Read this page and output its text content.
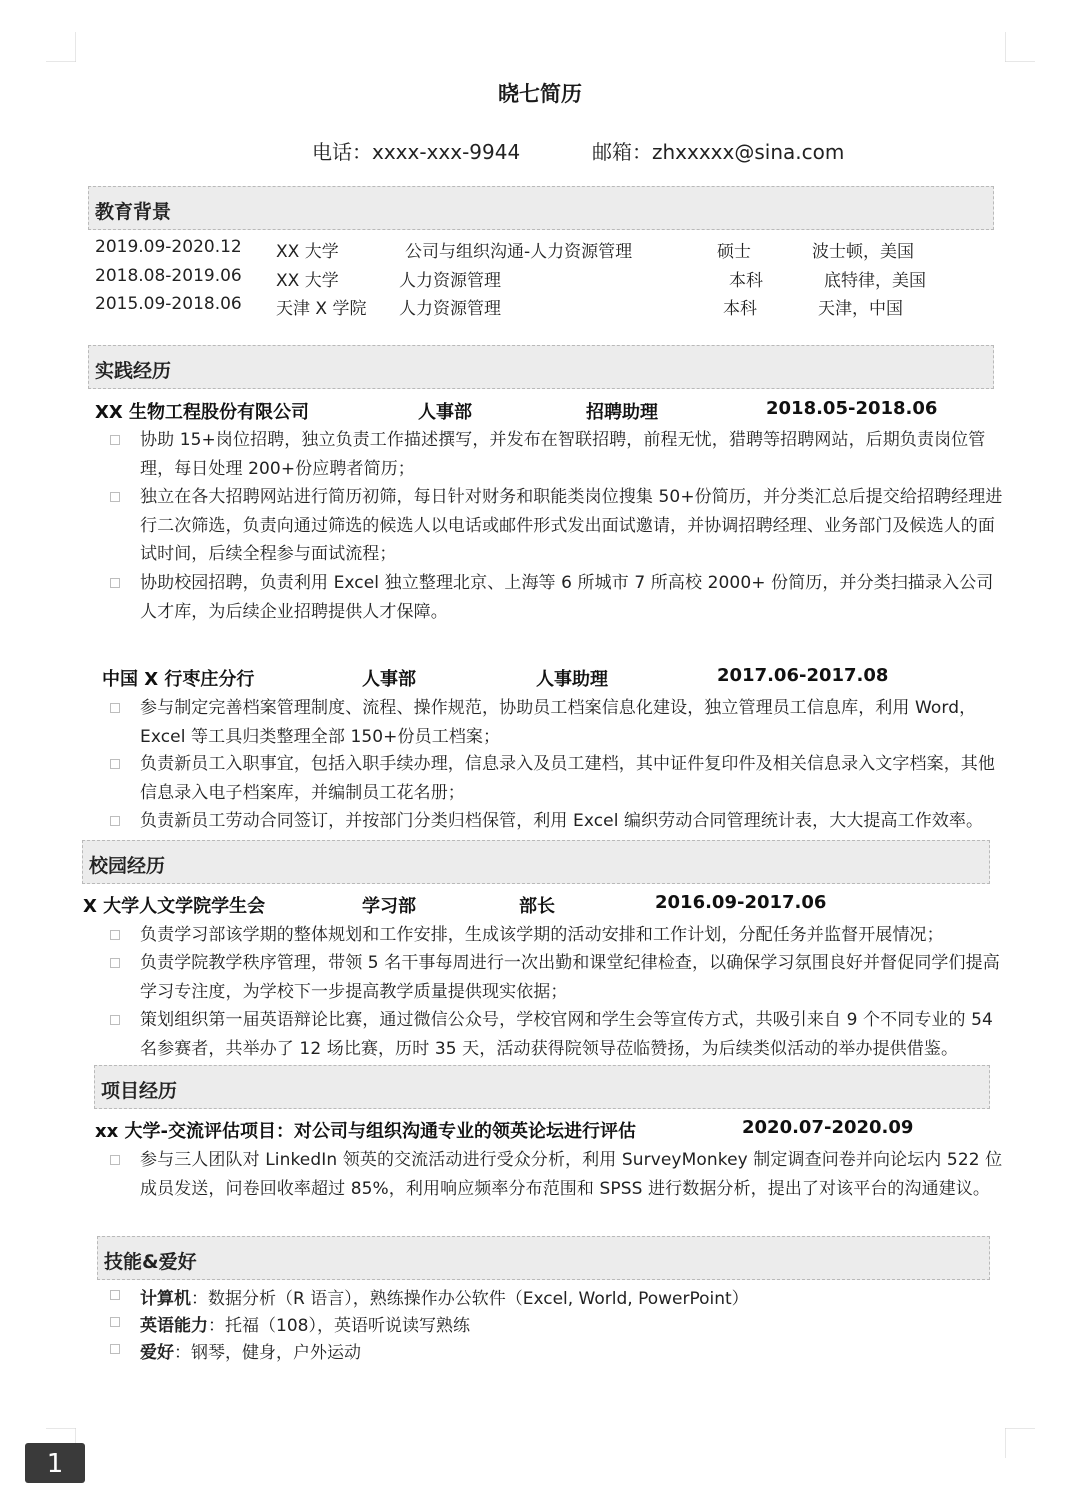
晓七简历
电话：xxxx-xxx-9944	邮箱：zhxxxxx@sina.com
教育背景
2019.09-2020.12 XX 大学	公司与组织沟通-人力资源管理	硕士	波士顿，美国
2018.08-2019.06 XX 大学	人力资源管理	本科	底特律，美国
2015.09-2018.06 天津 X 学院 人力资源管理	本科	天津，中国
实践经历
XX 生物工程股份有限公司	人事部	招聘助理	2018.05-2018.06
协助 15+岗位招聘，独立负责工作描述撰写，并发布在智联招聘，前程无忧，猎聘等招聘网站，后期负责岗位管理，每日处理 200+份应聘者简历；
独立在各大招聘网站进行简历初筛，每日针对财务和职能类岗位搜集 50+份简历，并分类汇总后提交给招聘经理进行二次筛选，负责向通过筛选的候选人以电话或邮件形式发出面试邀请，并协调招聘经理、业务部门及候选人的面试时间，后续全程参与面试流程；
协助校园招聘，负责利用 Excel 独立整理北京、上海等 6 所城市 7 所高校 2000+ 份简历，并分类扫描录入公司人才库，为后续企业招聘提供人才保障。
中国 X 行枣庄分行	人事部	人事助理	2017.06-2017.08
参与制定完善档案管理制度、流程、操作规范，协助员工档案信息化建设，独立管理员工信息库，利用 Word，Excel 等工具归类整理全部 150+份员工档案；
负责新员工入职事宜，包括入职手续办理，信息录入及员工建档，其中证件复印件及相关信息录入文字档案，其他信息录入电子档案库，并编制员工花名册；
负责新员工劳动合同签订，并按部门分类归档保管，利用 Excel 编织劳动合同管理统计表，大大提高工作效率。
校园经历
X 大学人文学院学生会	学习部	部长	2016.09-2017.06
负责学习部该学期的整体规划和工作安排，生成该学期的活动安排和工作计划，分配任务并监督开展情况；
负责学院教学秩序管理，带领 5 名干事每周进行一次出勤和课堂纪律检查，以确保学习氛围良好并督促同学们提高学习专注度，为学校下一步提高教学质量提供现实依据；
策划组织第一届英语辩论比赛，通过微信公众号，学校官网和学生会等宣传方式，共吸引来自 9 个不同专业的 54 名参赛者，共举办了 12 场比赛，历时 35 天，活动获得院领导莅临赞扬，为后续类似活动的举办提供借鉴。
项目经历
xx 大学-交流评估项目：对公司与组织沟通专业的领英论坛进行评估	2020.07-2020.09
参与三人团队对 LinkedIn 领英的交流活动进行受众分析，利用 SurveyMonkey 制定调查问卷并向论坛内 522 位成员发送，问卷回收率超过 85%，利用响应频率分布范围和 SPSS 进行数据分析，提出了对该平台的沟通建议。
技能&爱好
计算机：数据分析（R 语言），熟练操作办公软件（Excel, World, PowerPoint）
英语能力：托福（108），英语听说读写熟练
爱好：钢琴，健身，户外运动
1
